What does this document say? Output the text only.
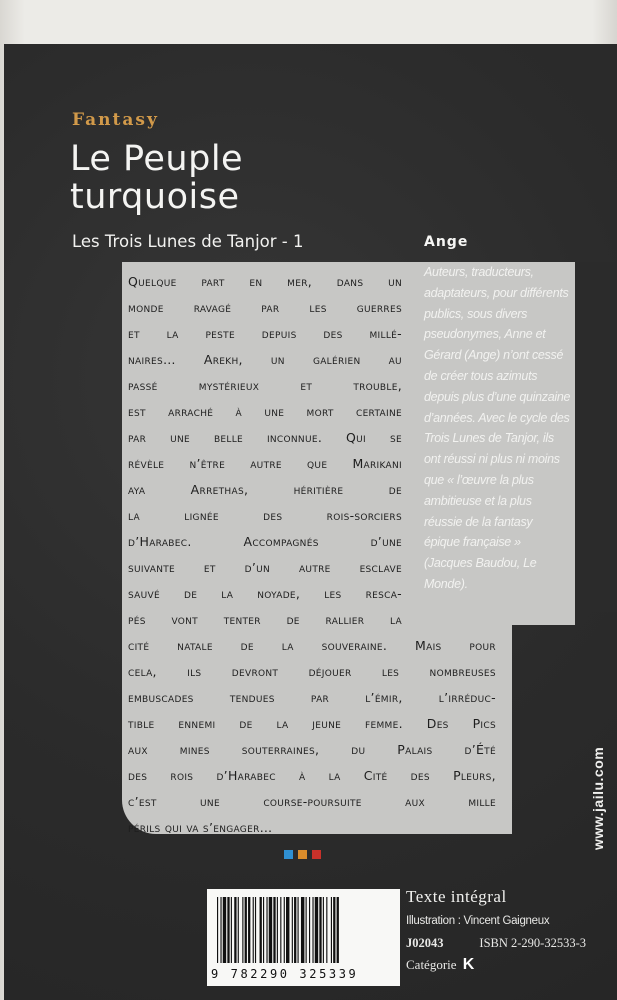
Fantasy
Le Peuple
turquoise
Les Trois Lunes de Tanjor - 1	Ange
Quelque part en mer, dans un
monde ravagé par les guerres
et la peste depuis des millé-
naires… Arekh, un galérien au
passé	mystérieux	et	trouble,
est arraché à une mort certaine
par une belle inconnue. Qui se
révèle n’être autre que Marikani
aya	Arrethas,	héritière	de
la	lignée	des	rois-sorciers
d’Harabec.	Accompagnés	d’une
suivante et d’un autre esclave
sauvé de la noyade, les resca-
pés vont tenter de rallier la
cité natale de la souveraine. Mais pour
cela, ils devront déjouer les nombreuses
embuscades	tendues	par	l’émir,	l’irréduc-
tible ennemi de la jeune femme. Des Pics
aux	mines	souterraines,	du	Palais	d’Été
des rois d’Harabec à la Cité des Pleurs,
c’est	une	course-poursuite	aux	mille
périls qui va s’engager…
Auteurs, traducteurs,
adaptateurs, pour différents
publics, sous divers
pseudonymes, Anne et
Gérard (Ange) n’ont cessé
de créer tous azimuts
depuis plus d’une quinzaine
d’années. Avec le cycle des
Trois Lunes de Tanjor, ils
ont réussi ni plus ni moins
que « l’œuvre la plus
ambitieuse et la plus
réussie de la fantasy
épique française »
(Jacques Baudou, Le
Monde).
www.jailu.com
9 782290 325339
Texte intégral
Illustration : Vincent Gaigneux
J02043	ISBN 2-290-32533-3
Catégorie K
